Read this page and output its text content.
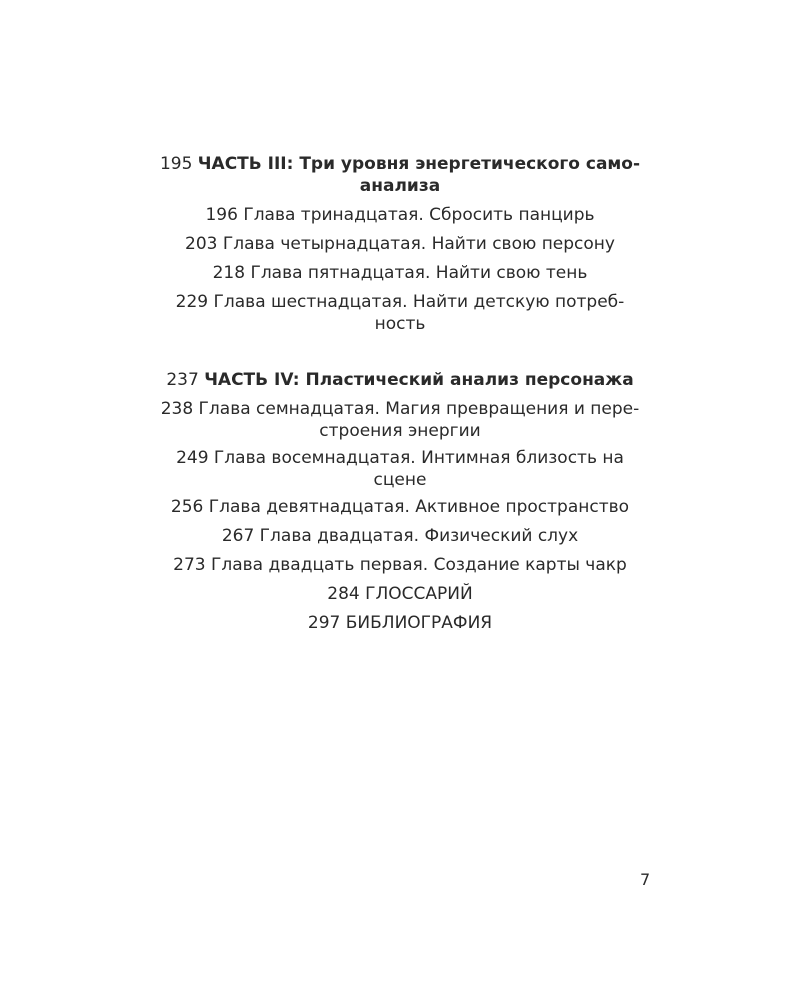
195 ЧАСТЬ III: Три уровня энергетического само-
анализа
196 Глава тринадцатая. Сбросить панцирь
203 Глава четырнадцатая. Найти свою персону
218 Глава пятнадцатая. Найти свою тень
229 Глава шестнадцатая. Найти детскую потреб-
ность
237 ЧАСТЬ IV: Пластический анализ персонажа
238 Глава семнадцатая. Магия превращения и пере-
строения энергии
249 Глава восемнадцатая. Интимная близость на
сцене
256 Глава девятнадцатая. Активное пространство
267 Глава двадцатая. Физический слух
273 Глава двадцать первая. Создание карты чакр
284 ГЛОССАРИЙ
297 БИБЛИОГРАФИЯ
7
